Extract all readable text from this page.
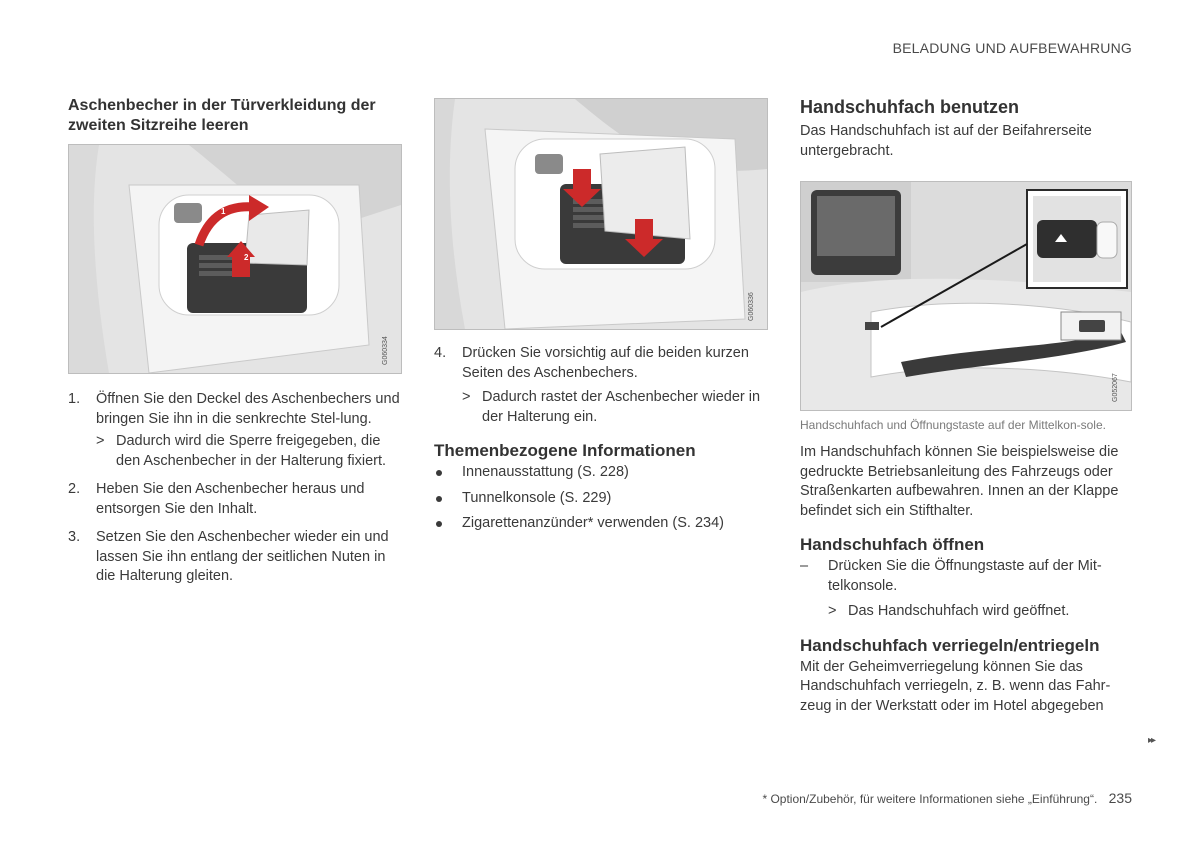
BELADUNG UND AUFBEWAHRUNG
Aschenbecher in der Türverkleidung der zweiten Sitzreihe leeren
1
2
G060334
1. Öffnen Sie den Deckel des Aschenbechers und bringen Sie ihn in die senkrechte Stel-lung.
> Dadurch wird die Sperre freigegeben, die den Aschenbecher in der Halterung fixiert.
2. Heben Sie den Aschenbecher heraus und entsorgen Sie den Inhalt.
3. Setzen Sie den Aschenbecher wieder ein und lassen Sie ihn entlang der seitlichen Nuten in die Halterung gleiten.
G060336
4. Drücken Sie vorsichtig auf die beiden kurzen Seiten des Aschenbechers.
> Dadurch rastet der Aschenbecher wieder in der Halterung ein.
Themenbezogene Informationen
Innenausstattung (S. 228)
Tunnelkonsole (S. 229)
Zigarettenanzünder* verwenden (S. 234)
Handschuhfach benutzen

Das Handschuhfach ist auf der Beifahrerseite untergebracht.

G052067

Handschuhfach und Öffnungstaste auf der Mittelkon-sole.

Im Handschuhfach können Sie beispielsweise die gedruckte Betriebsanleitung des Fahrzeugs oder Straßenkarten aufbewahren. Innen an der Klappe befindet sich ein Stifthalter.

Handschuhfach öffnen
– Drücken Sie die Öffnungstaste auf der Mit-telkonsole.
> Das Handschuhfach wird geöffnet.
Handschuhfach verriegeln/entriegeln

Mit der Geheimverriegelung können Sie das Handschuhfach verriegeln, z. B. wenn das Fahr-zeug in der Werkstatt oder im Hotel abgegeben

▸▸
* Option/Zubehör, für weitere Informationen siehe „Einführung“. 235
